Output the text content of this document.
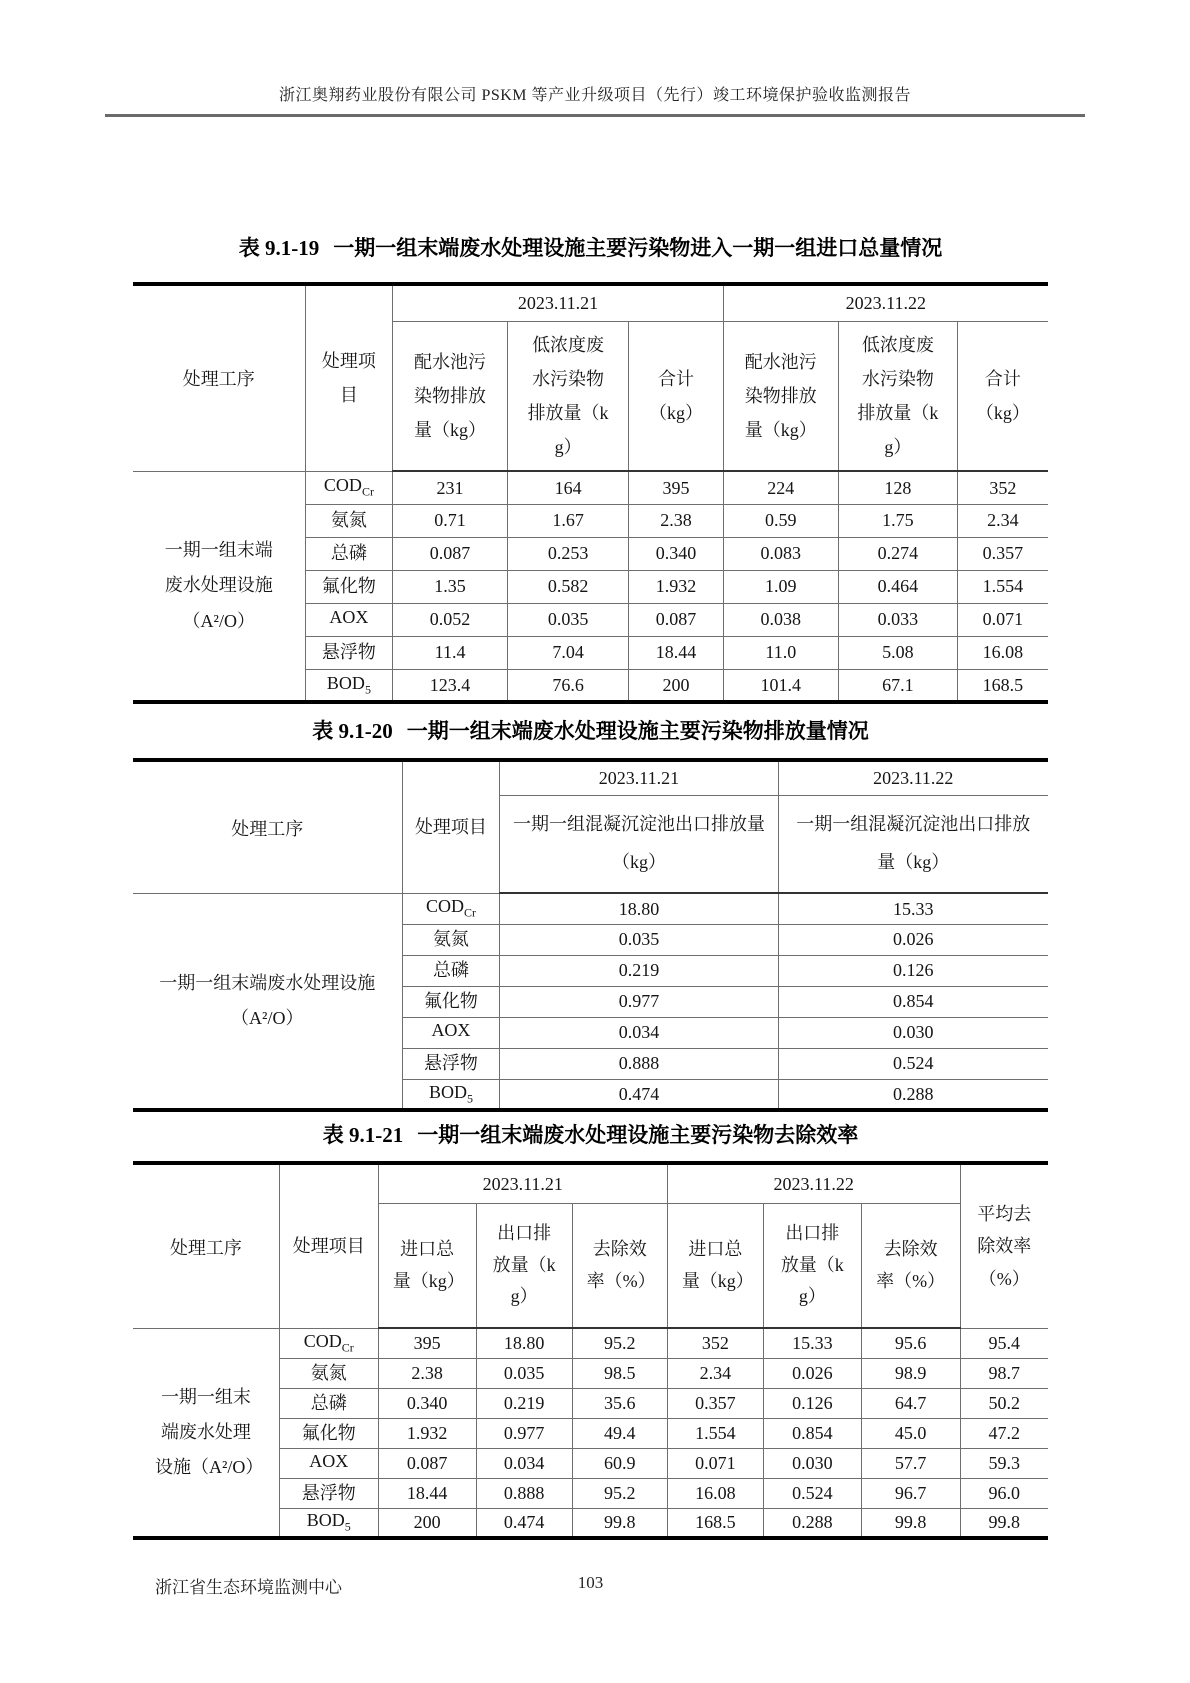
浙江奥翔药业股份有限公司 PSKM 等产业升级项目（先行）竣工环境保护验收监测报告
表 9.1-19 一期一组末端废水处理设施主要污染物进入一期一组进口总量情况
处理工序	处理项目	2023.11.21			2023.11.22		
		配水池污染物排放量（kg）	低浓度废水污染物排放量（kg）	合计（kg）	配水池污染物排放量（kg）	低浓度废水污染物排放量（kg）	合计（kg）
一期一组末端废水处理设施（A²/O）	$COD_{Cr}$	231	164	395	224	128	352
	氨氮	0.71	1.67	2.38	0.59	1.75	2.34
	总磷	0.087	0.253	0.340	0.083	0.274	0.357
	氟化物	1.35	0.582	1.932	1.09	0.464	1.554
	AOX	0.052	0.035	0.087	0.038	0.033	0.071
	悬浮物	11.4	7.04	18.44	11.0	5.08	16.08
	$BOD_5$	123.4	76.6	200	101.4	67.1	168.5
表 9.1-20 一期一组末端废水处理设施主要污染物排放量情况
处理工序	处理项目	2023.11.21	2023.11.22
		一期一组混凝沉淀池出口排放量（kg）	一期一组混凝沉淀池出口排放量（kg）
一期一组末端废水处理设施（A²/O）	$COD_{Cr}$	18.80	15.33
	氨氮	0.035	0.026
	总磷	0.219	0.126
	氟化物	0.977	0.854
	AOX	0.034	0.030
	悬浮物	0.888	0.524
	$BOD_5$	0.474	0.288
表 9.1-21 一期一组末端废水处理设施主要污染物去除效率
处理工序	处理项目	2023.11.21			2023.11.22			平均去除效率（%）
		进口总量（kg）	出口排放量（kg）	去除效率（%）	进口总量（kg）	出口排放量（kg）	去除效率（%）	
一期一组末端废水处理设施（A²/O）	$COD_{Cr}$	395	18.80	95.2	352	15.33	95.6	95.4
	氨氮	2.38	0.035	98.5	2.34	0.026	98.9	98.7
	总磷	0.340	0.219	35.6	0.357	0.126	64.7	50.2
	氟化物	1.932	0.977	49.4	1.554	0.854	45.0	47.2
	AOX	0.087	0.034	60.9	0.071	0.030	57.7	59.3
	悬浮物	18.44	0.888	95.2	16.08	0.524	96.7	96.0
	$BOD_5$	200	0.474	99.8	168.5	0.288	99.8	99.8
浙江省生态环境监测中心	103
